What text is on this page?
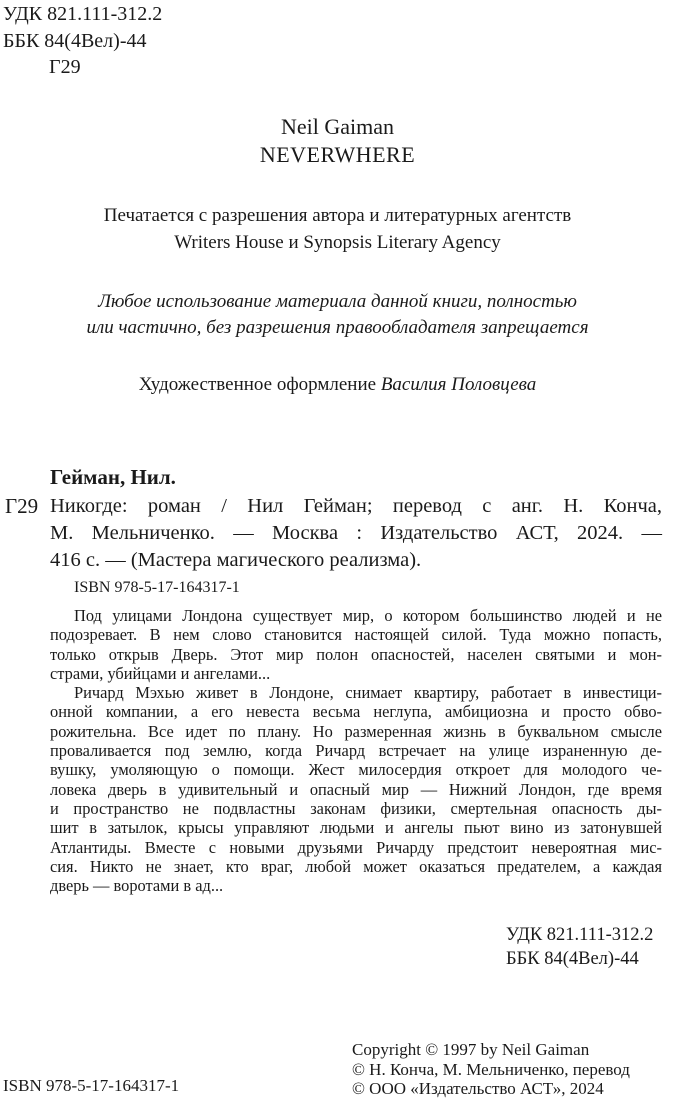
УДК 821.111-312.2
ББК 84(4Вел)-44
Г29
Neil Gaiman
NEVERWHERE
Печатается с разрешения автора и литературных агентств
Writers House и Synopsis Literary Agency
Любое использование материала данной книги, полностью
или частично, без разрешения правообладателя запрещается
Художественное оформление Василия Половцева
Гейман, Нил.
Г29 Никогде: роман / Нил Гейман; перевод с анг. Н. Конча,
М. Мельниченко. — Москва : Издательство АСТ, 2024. —
416 с. — (Мастера магического реализма).
ISBN 978-5-17-164317-1
Под улицами Лондона существует мир, о котором большинство людей и не
подозревает. В нем слово становится настоящей силой. Туда можно попасть,
только открыв Дверь. Этот мир полон опасностей, населен святыми и мон-
страми, убийцами и ангелами...
Ричард Мэхью живет в Лондоне, снимает квартиру, работает в инвестици-
онной компании, а его невеста весьма неглупа, амбициозна и просто обво-
рожительна. Все идет по плану. Но размеренная жизнь в буквальном смысле
проваливается под землю, когда Ричард встречает на улице израненную де-
вушку, умоляющую о помощи. Жест милосердия откроет для молодого че-
ловека дверь в удивительный и опасный мир — Нижний Лондон, где время
и пространство не подвластны законам физики, смертельная опасность ды-
шит в затылок, крысы управляют людьми и ангелы пьют вино из затонувшей
Атлантиды. Вместе с новыми друзьями Ричарду предстоит невероятная мис-
сия. Никто не знает, кто враг, любой может оказаться предателем, а каждая
дверь — воротами в ад...
УДК 821.111-312.2
ББК 84(4Вел)-44
Copyright © 1997 by Neil Gaiman
© Н. Конча, М. Мельниченко, перевод
© ООО «Издательство АСТ», 2024
ISBN 978-5-17-164317-1
